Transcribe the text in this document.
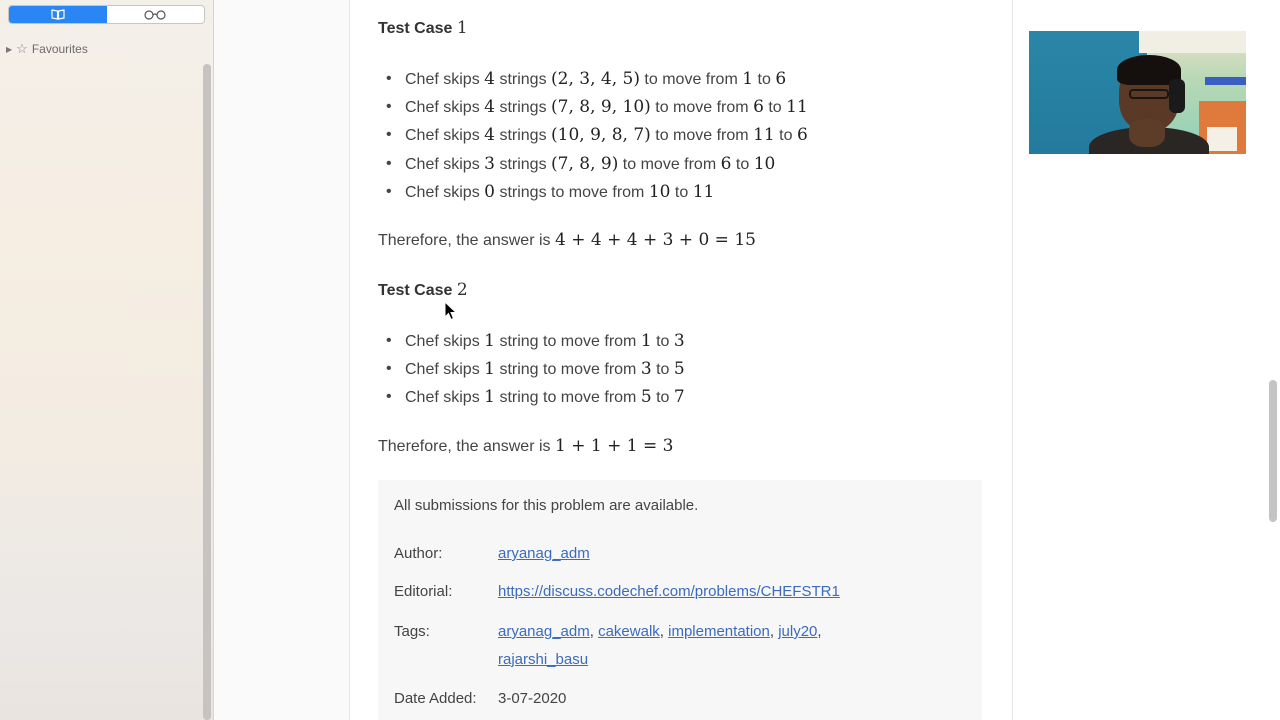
▶ ☆ Favourites
Test Case 1
• Chef skips 4 strings (2, 3, 4, 5) to move from 1 to 6
• Chef skips 4 strings (7, 8, 9, 10) to move from 6 to 11
• Chef skips 4 strings (10, 9, 8, 7) to move from 11 to 6
• Chef skips 3 strings (7, 8, 9) to move from 6 to 10
• Chef skips 0 strings to move from 10 to 11
Therefore, the answer is 4 + 4 + 4 + 3 + 0 = 15
Test Case 2
• Chef skips 1 string to move from 1 to 3
• Chef skips 1 string to move from 3 to 5
• Chef skips 1 string to move from 5 to 7
Therefore, the answer is 1 + 1 + 1 = 3
All submissions for this problem are available.
Author:	aryanag_adm
Editorial:	https://discuss.codechef.com/problems/CHEFSTR1
Tags:	aryanag_adm, cakewalk, implementation, july20,
rajarshi_basu
Date Added: 3-07-2020
